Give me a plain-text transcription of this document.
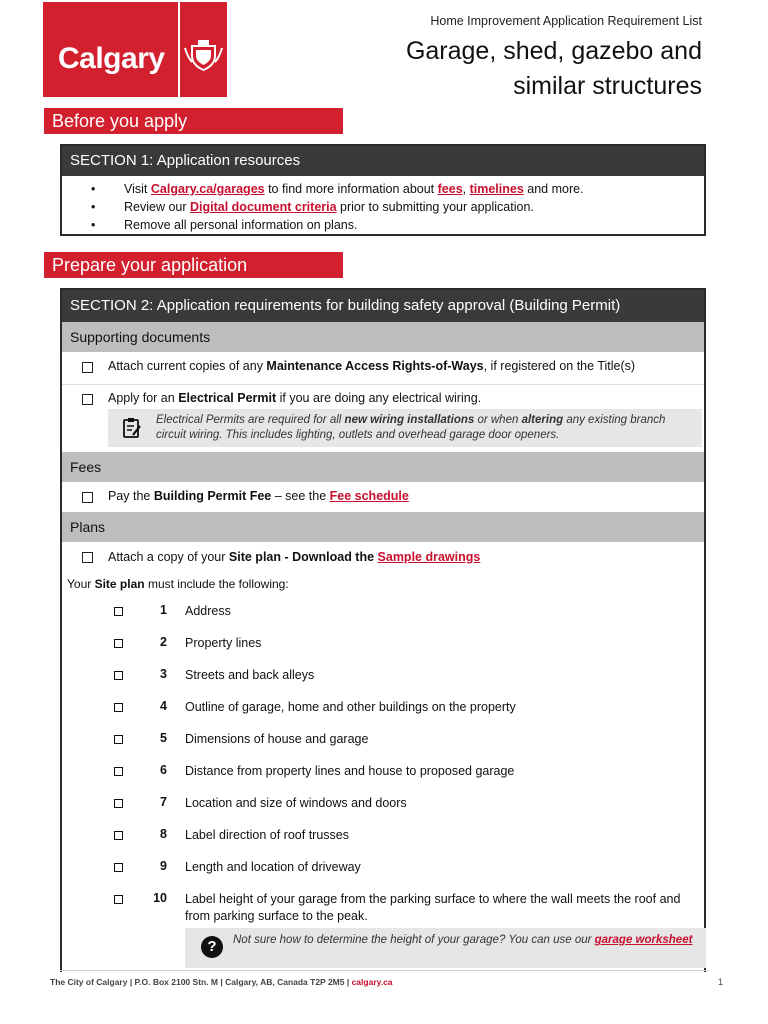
Calgary
Home Improvement Application Requirement List
Garage, shed, gazebo and
similar structures
Before you apply
SECTION 1: Application resources
• Visit Calgary.ca/garages to find more information about fees, timelines and more.
• Review our Digital document criteria prior to submitting your application.
• Remove all personal information on plans.
Prepare your application
SECTION 2: Application requirements for building safety approval (Building Permit)
Supporting documents
Attach current copies of any Maintenance Access Rights-of-Ways, if registered on the Title(s)
Apply for an Electrical Permit if you are doing any electrical wiring.
Electrical Permits are required for all new wiring installations or when altering any existing branch circuit wiring. This includes lighting, outlets and overhead garage door openers.
Fees
Pay the Building Permit Fee – see the Fee schedule
Plans
Attach a copy of your Site plan - Download the Sample drawings
Your Site plan must include the following:
1 Address
2 Property lines
3 Streets and back alleys
4 Outline of garage, home and other buildings on the property
5 Dimensions of house and garage
6 Distance from property lines and house to proposed garage
7 Location and size of windows and doors
8 Label direction of roof trusses
9 Length and location of driveway
10 Label height of your garage from the parking surface to where the wall meets the roof and from parking surface to the peak.
?	Not sure how to determine the height of your garage? You can use our garage worksheet
The City of Calgary | P.O. Box 2100 Stn. M | Calgary, AB, Canada T2P 2M5 | calgary.ca	1
